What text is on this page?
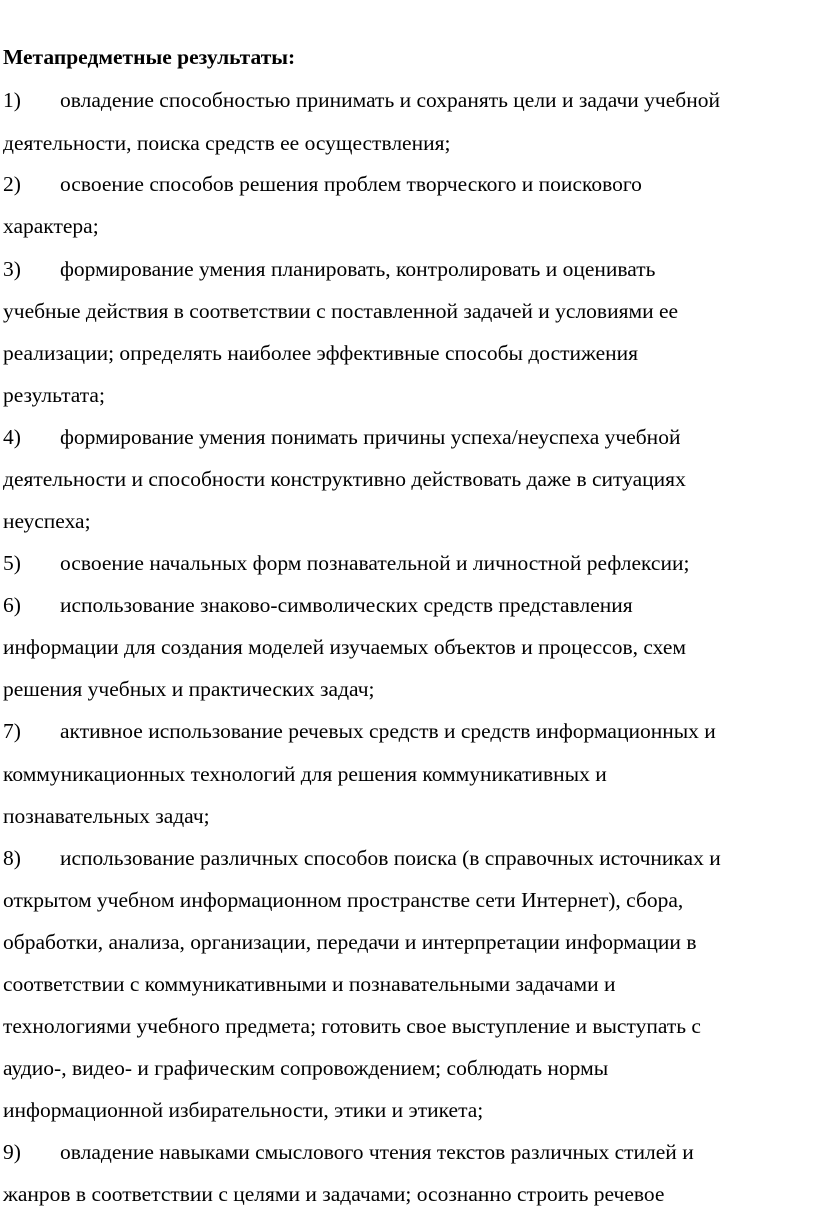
Метапредметные результаты:
1) овладение способностью принимать и сохранять цели и задачи учебной
деятельности, поиска средств ее осуществления;
2) освоение способов решения проблем творческого и поискового
характера;
3) формирование умения планировать, контролировать и оценивать
учебные действия в соответствии с поставленной задачей и условиями ее
реализации; определять наиболее эффективные способы достижения
результата;
4) формирование умения понимать причины успеха/неуспеха учебной
деятельности и способности конструктивно действовать даже в ситуациях
неуспеха;
5) освоение начальных форм познавательной и личностной рефлексии;
6) использование знаково-символических средств представления
информации для создания моделей изучаемых объектов и процессов, схем
решения учебных и практических задач;
7) активное использование речевых средств и средств информационных и
коммуникационных технологий для решения коммуникативных и
познавательных задач;
8) использование различных способов поиска (в справочных источниках и
открытом учебном информационном пространстве сети Интернет), сбора,
обработки, анализа, организации, передачи и интерпретации информации в
соответствии с коммуникативными и познавательными задачами и
технологиями учебного предмета; готовить свое выступление и выступать с
аудио-, видео- и графическим сопровождением; соблюдать нормы
информационной избирательности, этики и этикета;
9) овладение навыками смыслового чтения текстов различных стилей и
жанров в соответствии с целями и задачами; осознанно строить речевое
